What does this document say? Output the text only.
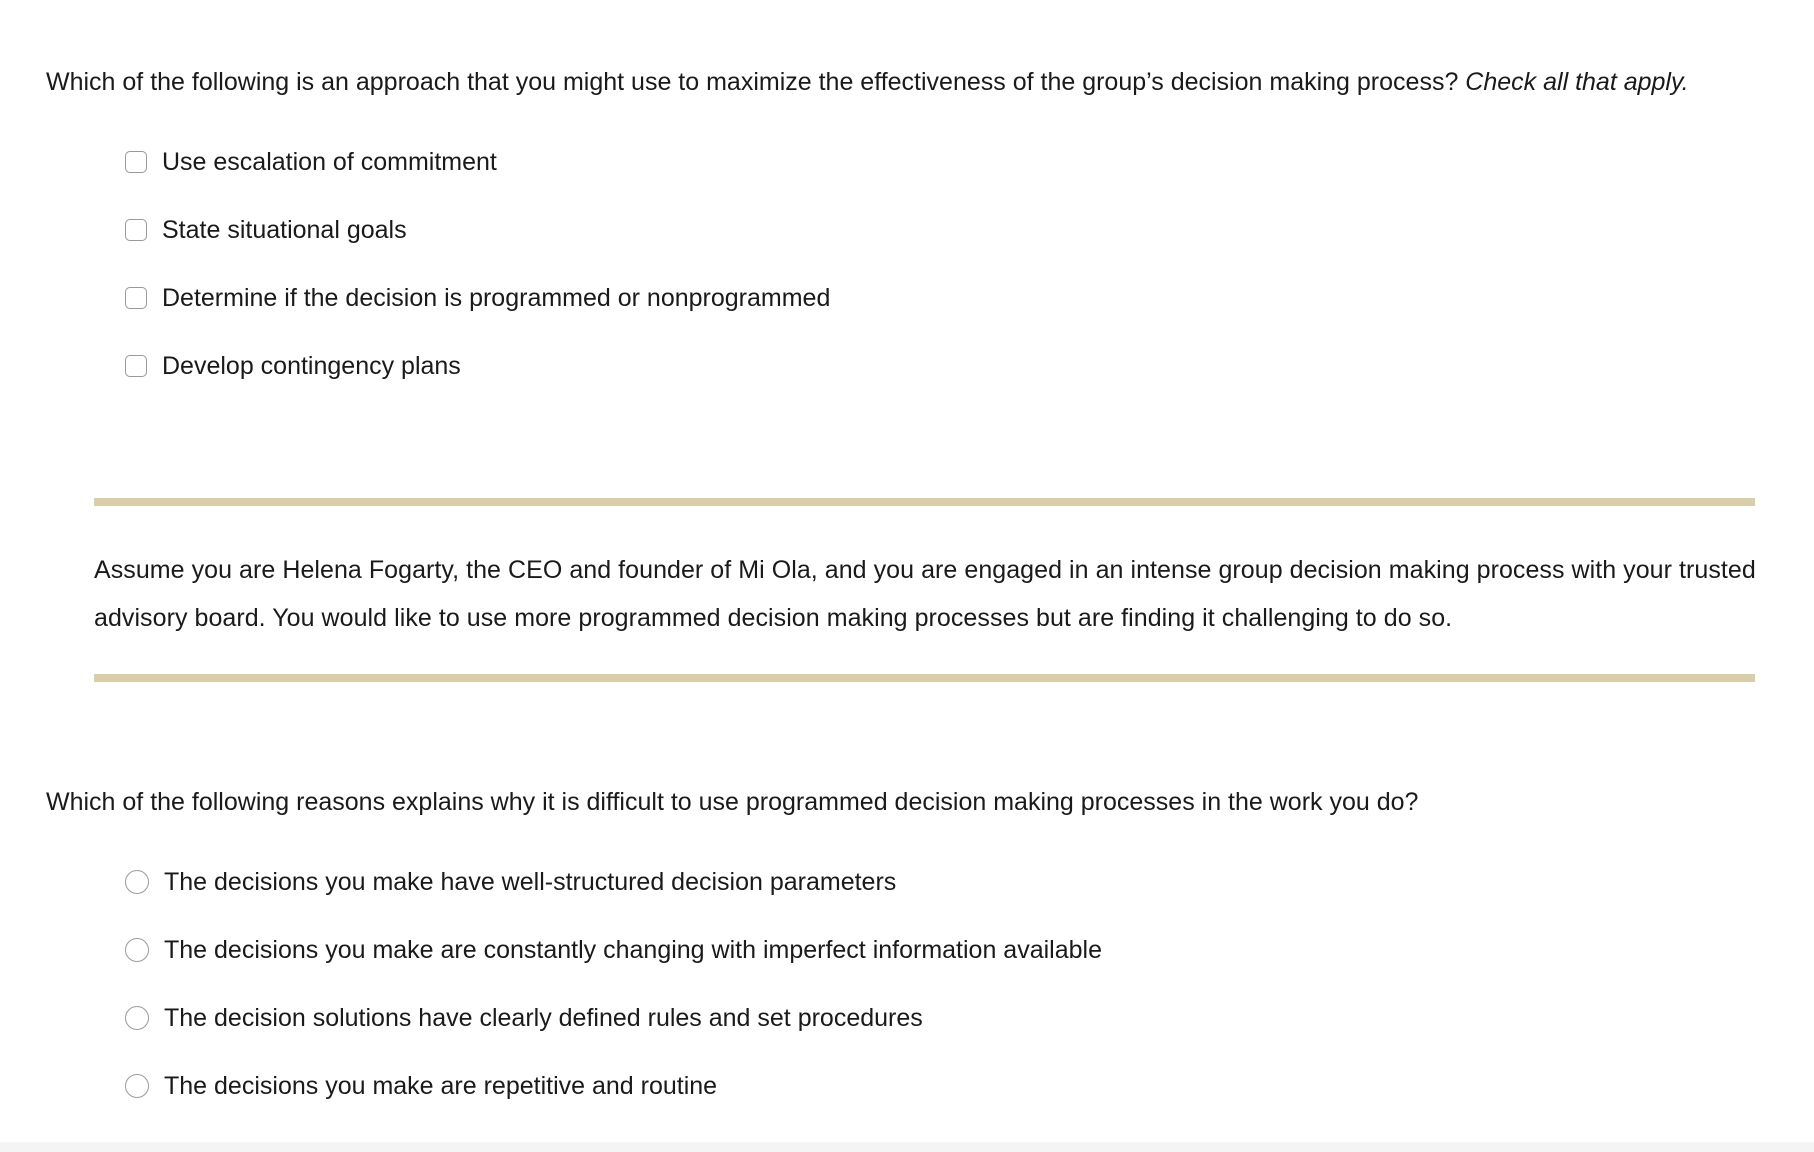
Which of the following is an approach that you might use to maximize the effectiveness of the group’s decision making process? Check all that apply.
Use escalation of commitment
State situational goals
Determine if the decision is programmed or nonprogrammed
Develop contingency plans
Assume you are Helena Fogarty, the CEO and founder of Mi Ola, and you are engaged in an intense group decision making process with your trusted advisory board. You would like to use more programmed decision making processes but are finding it challenging to do so.
Which of the following reasons explains why it is difficult to use programmed decision making processes in the work you do?
The decisions you make have well-structured decision parameters
The decisions you make are constantly changing with imperfect information available
The decision solutions have clearly defined rules and set procedures
The decisions you make are repetitive and routine
